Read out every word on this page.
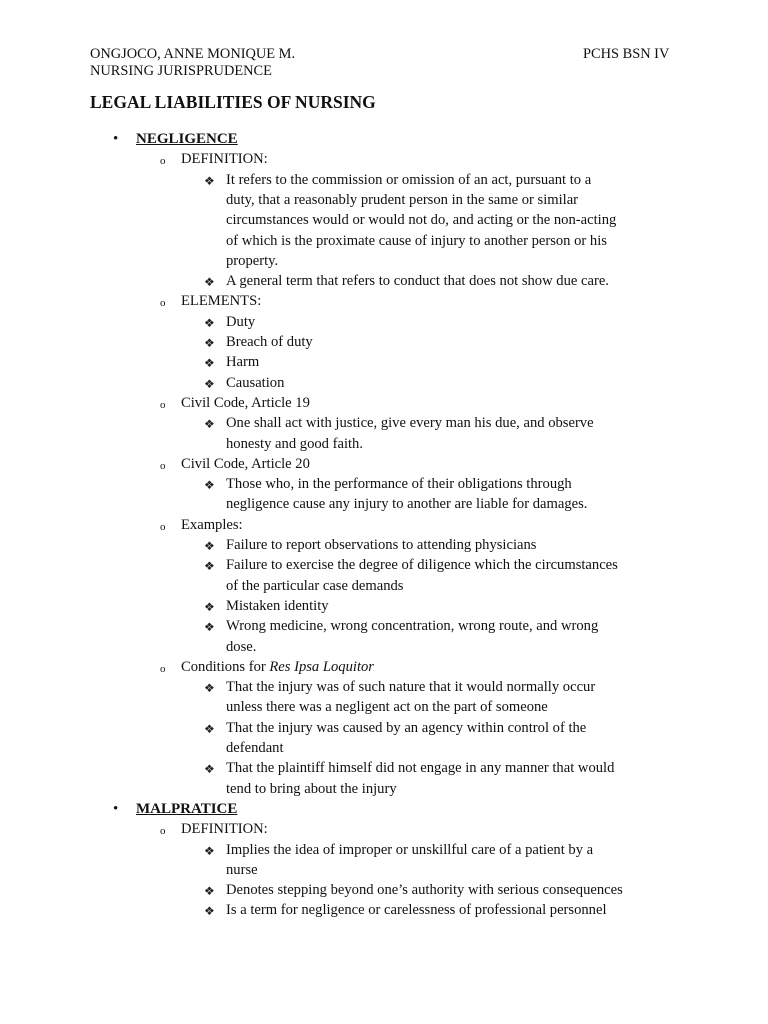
ONGJOCO, ANNE MONIQUE M.
NURSING JURISPRUDENCE
PCHS BSN IV
LEGAL LIABILITIES OF NURSING
• NEGLIGENCE
o DEFINITION:
❖ It refers to the commission or omission of an act, pursuant to a
duty, that a reasonably prudent person in the same or similar
circumstances would or would not do, and acting or the non-acting
of which is the proximate cause of injury to another person or his
property.
❖ A general term that refers to conduct that does not show due care.
o ELEMENTS:
❖ Duty
❖ Breach of duty
❖ Harm
❖ Causation
o Civil Code, Article 19
❖ One shall act with justice, give every man his due, and observe
honesty and good faith.
o Civil Code, Article 20
❖ Those who, in the performance of their obligations through
negligence cause any injury to another are liable for damages.
o Examples:
❖ Failure to report observations to attending physicians
❖ Failure to exercise the degree of diligence which the circumstances
of the particular case demands
❖ Mistaken identity
❖ Wrong medicine, wrong concentration, wrong route, and wrong
dose.
o Conditions for Res Ipsa Loquitor
❖ That the injury was of such nature that it would normally occur
unless there was a negligent act on the part of someone
❖ That the injury was caused by an agency within control of the
defendant
❖ That the plaintiff himself did not engage in any manner that would
tend to bring about the injury
• MALPRATICE
o DEFINITION:
❖ Implies the idea of improper or unskillful care of a patient by a
nurse
❖ Denotes stepping beyond one’s authority with serious consequences
❖ Is a term for negligence or carelessness of professional personnel
